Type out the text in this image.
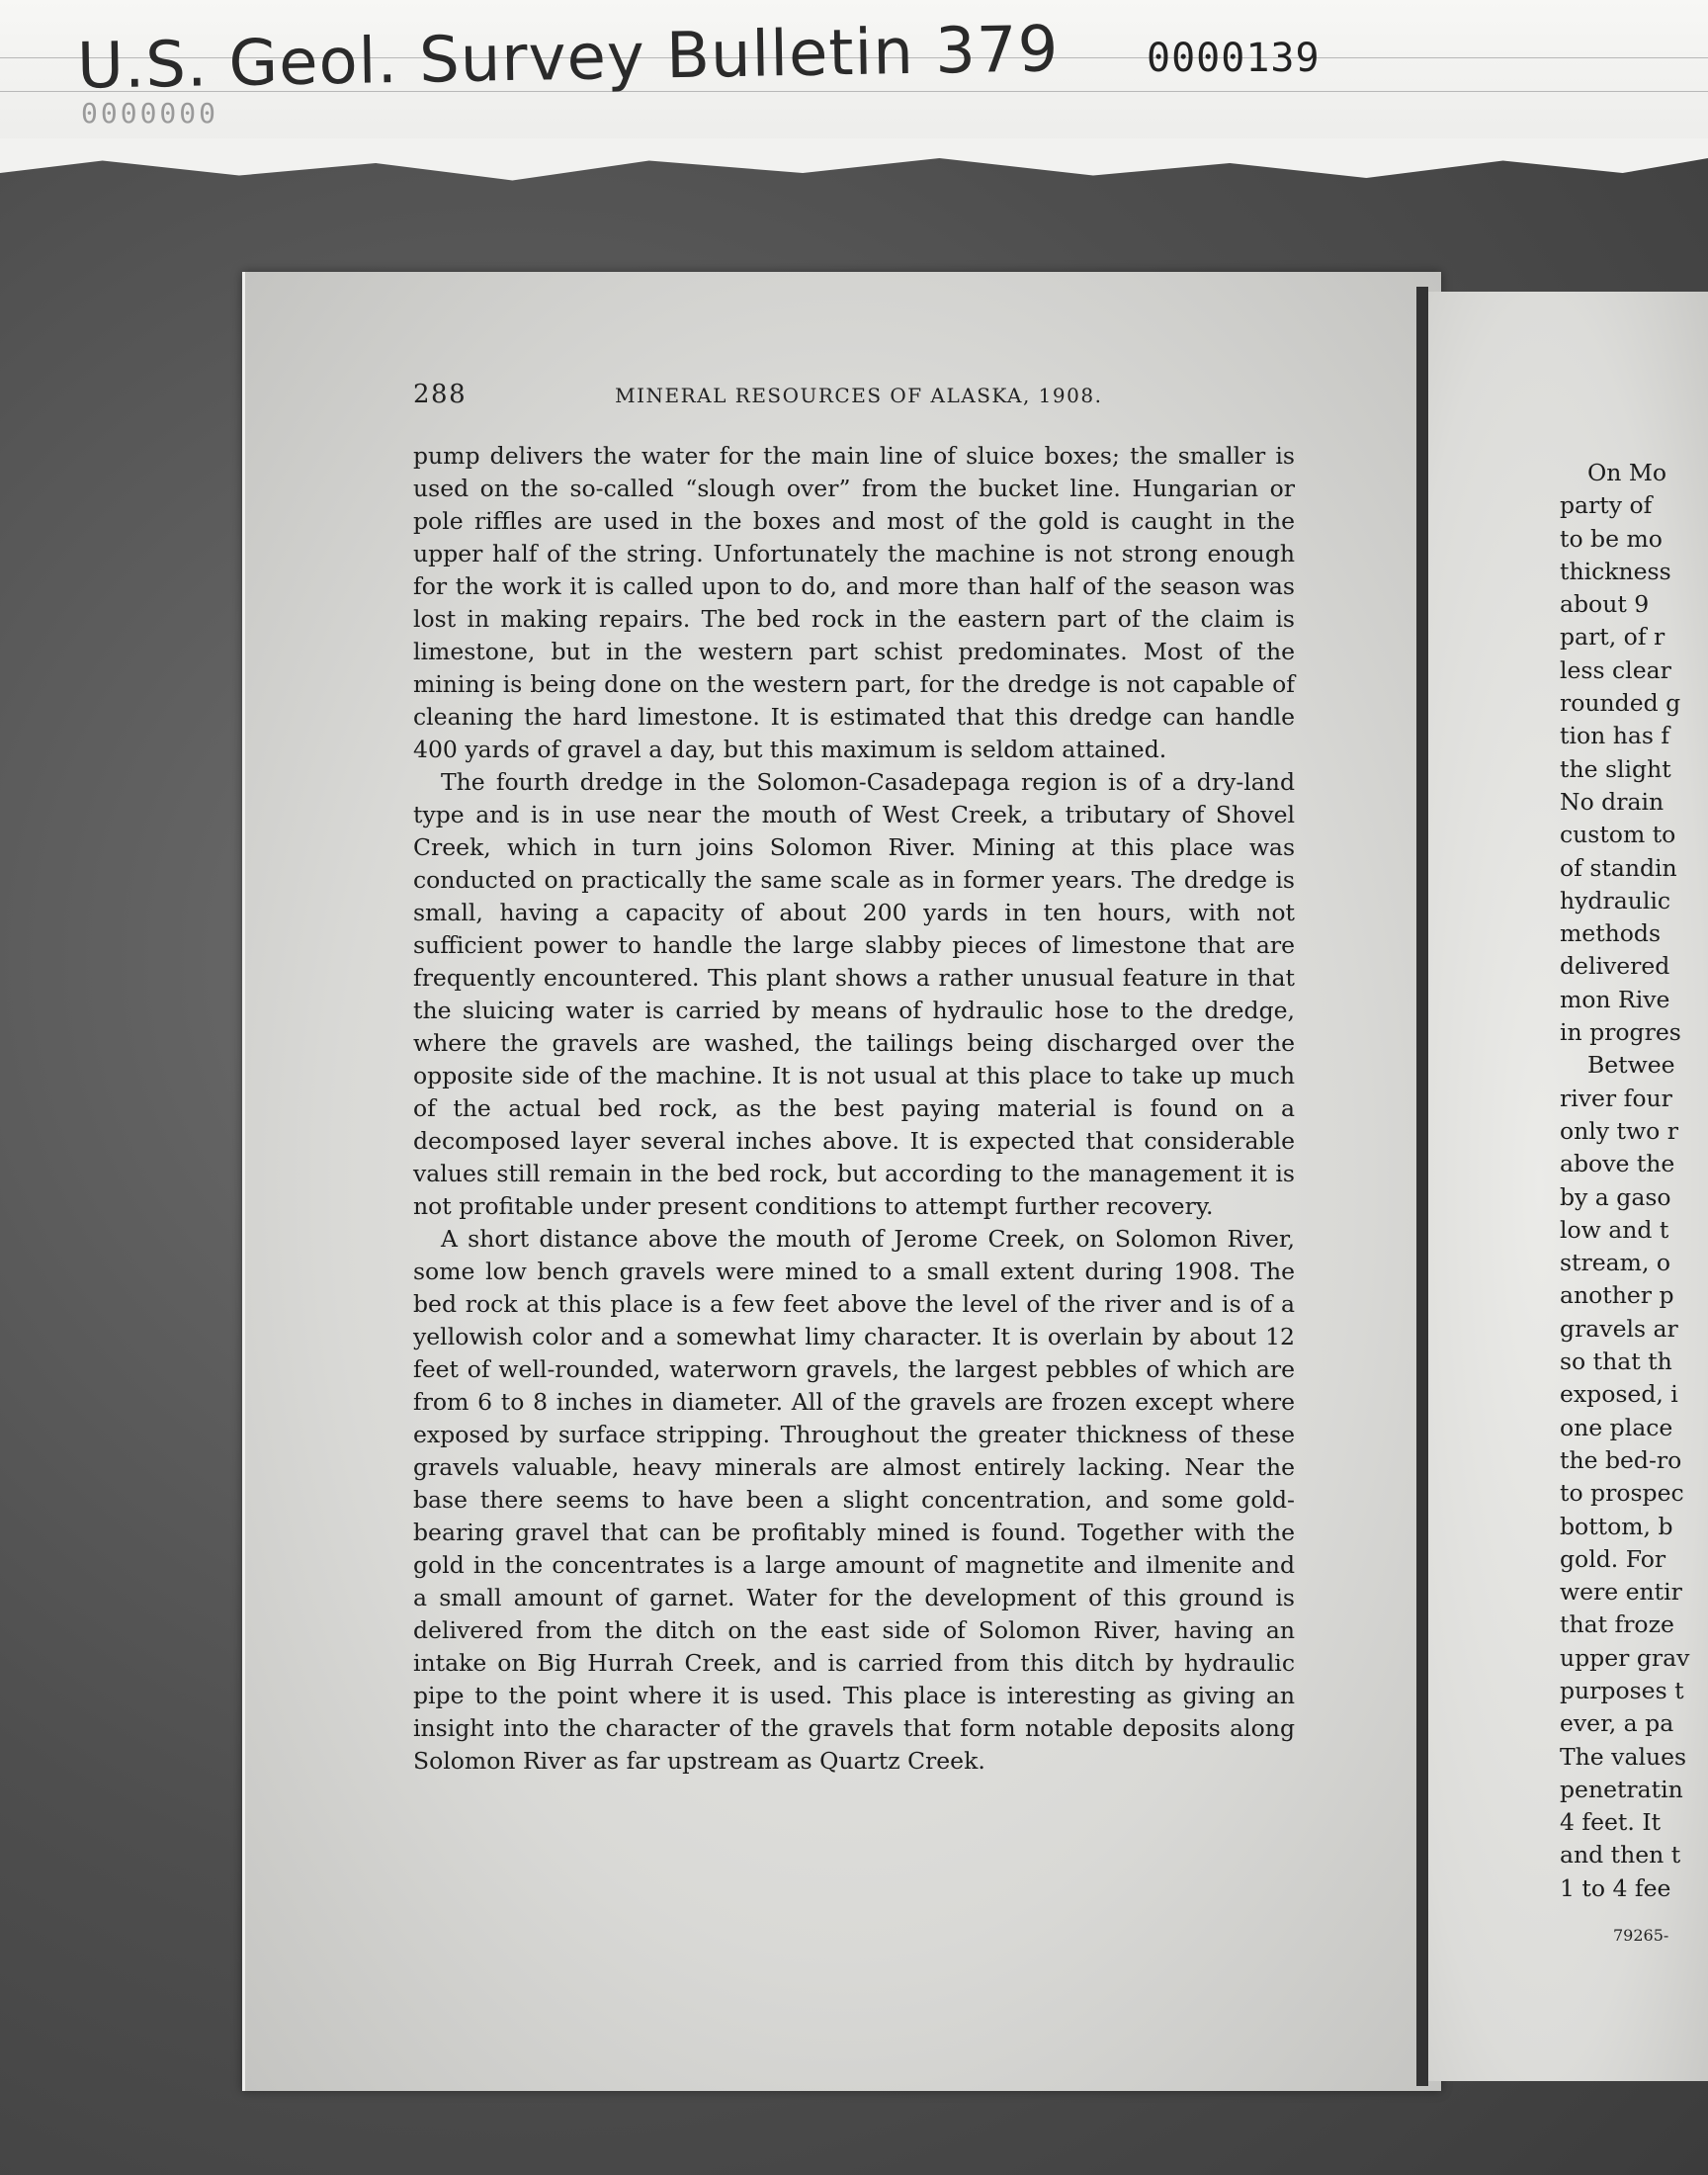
U.S. Geol. Survey Bulletin 379 0000139
0000000
288	MINERAL RESOURCES OF ALASKA, 1908.

pump delivers the water for the main line of sluice boxes; the smaller is used on the so-called “slough over” from the bucket line. Hungarian or pole riffles are used in the boxes and most of the gold is caught in the upper half of the string. Unfortunately the machine is not strong enough for the work it is called upon to do, and more than half of the season was lost in making repairs. The bed rock in the eastern part of the claim is limestone, but in the western part schist predominates. Most of the mining is being done on the western part, for the dredge is not capable of cleaning the hard limestone. It is estimated that this dredge can handle 400 yards of gravel a day, but this maximum is seldom attained.

The fourth dredge in the Solomon-Casadepaga region is of a dry-land type and is in use near the mouth of West Creek, a tributary of Shovel Creek, which in turn joins Solomon River. Mining at this place was conducted on practically the same scale as in former years. The dredge is small, having a capacity of about 200 yards in ten hours, with not sufficient power to handle the large slabby pieces of limestone that are frequently encountered. This plant shows a rather unusual feature in that the sluicing water is carried by means of hydraulic hose to the dredge, where the gravels are washed, the tailings being discharged over the opposite side of the machine. It is not usual at this place to take up much of the actual bed rock, as the best paying material is found on a decomposed layer several inches above. It is expected that considerable values still remain in the bed rock, but according to the management it is not profitable under present conditions to attempt further recovery.

A short distance above the mouth of Jerome Creek, on Solomon River, some low bench gravels were mined to a small extent during 1908. The bed rock at this place is a few feet above the level of the river and is of a yellowish color and a somewhat limy character. It is overlain by about 12 feet of well-rounded, waterworn gravels, the largest pebbles of which are from 6 to 8 inches in diameter. All of the gravels are frozen except where exposed by surface stripping. Throughout the greater thickness of these gravels valuable, heavy minerals are almost entirely lacking. Near the base there seems to have been a slight concentration, and some gold-bearing gravel that can be profitably mined is found. Together with the gold in the concentrates is a large amount of magnetite and ilmenite and a small amount of garnet. Water for the development of this ground is delivered from the ditch on the east side of Solomon River, having an intake on Big Hurrah Creek, and is carried from this ditch by hydraulic pipe to the point where it is used. This place is interesting as giving an insight into the character of the gravels that form notable deposits along Solomon River as far upstream as Quartz Creek.

On Mo
party of
to be mo
thickness
about 9
part, of r
less clear
rounded g
tion has f
the slight
No drain
custom to
of standin
hydraulic
methods
delivered
mon Rive
in progres
Betwee
river four
only two r
above the
by a gaso
low and t
stream, o
another p
gravels ar
so that th
exposed, i
one place
the bed-ro
to prospec
bottom, b
gold. For
were entir
that froze
upper grav
purposes t
ever, a pa
The values
penetratin
4 feet. It
and then t
1 to 4 fee
79265-
